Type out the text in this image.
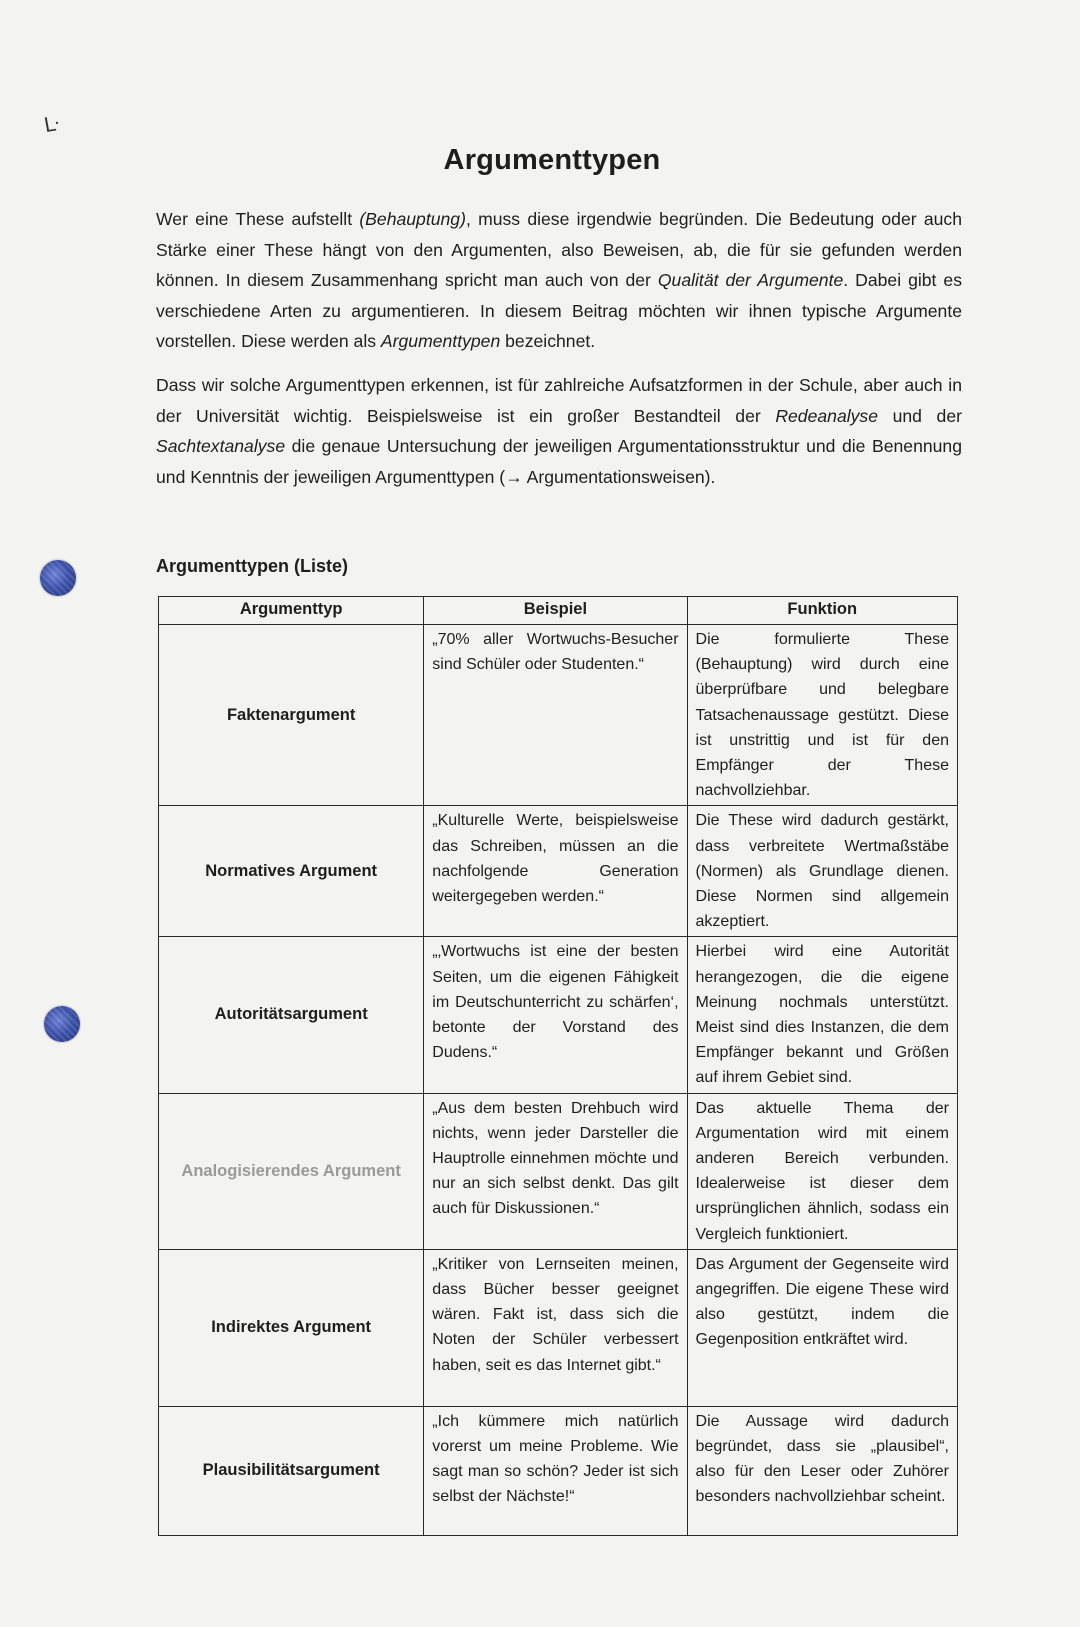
ᒷ
Argumenttypen

Wer eine These aufstellt (Behauptung), muss diese irgendwie begründen. Die Bedeutung oder auch Stärke einer These hängt von den Argumenten, also Beweisen, ab, die für sie gefunden werden können. In diesem Zusammenhang spricht man auch von der Qualität der Argumente. Dabei gibt es verschiedene Arten zu argumentieren. In diesem Beitrag möchten wir ihnen typische Argumente vorstellen. Diese werden als Argumenttypen bezeichnet.

Dass wir solche Argumenttypen erkennen, ist für zahlreiche Aufsatzformen in der Schule, aber auch in der Universität wichtig. Beispielsweise ist ein großer Bestandteil der Redeanalyse und der Sachtextanalyse die genaue Untersuchung der jeweiligen Argumentationsstruktur und die Benennung und Kenntnis der jeweiligen Argumenttypen (→ Argumentationsweisen).

Argumenttypen (Liste)
Argumenttyp	Beispiel	Funktion
Faktenargument	„70% aller Wortwuchs-Besucher sind Schüler oder Studenten.“	Die formulierte These (Behauptung) wird durch eine überprüfbare und belegbare Tatsachenaussage gestützt. Diese ist unstrittig und ist für den Empfänger der These nachvollziehbar.
Normatives Argument	„Kulturelle Werte, beispielsweise das Schreiben, müssen an die nachfolgende Generation weitergegeben werden.“	Die These wird dadurch gestärkt, dass verbreitete Wertmaßstäbe (Normen) als Grundlage dienen. Diese Normen sind allgemein akzeptiert.
Autoritätsargument	„‚Wortwuchs ist eine der besten Seiten, um die eigenen Fähigkeit im Deutschunterricht zu schärfen‘, betonte der Vorstand des Dudens.“	Hierbei wird eine Autorität herangezogen, die die eigene Meinung nochmals unterstützt. Meist sind dies Instanzen, die dem Empfänger bekannt und Größen auf ihrem Gebiet sind.
Analogisierendes Argument	„Aus dem besten Drehbuch wird nichts, wenn jeder Darsteller die Hauptrolle einnehmen möchte und nur an sich selbst denkt. Das gilt auch für Diskussionen.“	Das aktuelle Thema der Argumentation wird mit einem anderen Bereich verbunden. Idealerweise ist dieser dem ursprünglichen ähnlich, sodass ein Vergleich funktioniert.
Indirektes Argument	„Kritiker von Lernseiten meinen, dass Bücher besser geeignet wären. Fakt ist, dass sich die Noten der Schüler verbessert haben, seit es das Internet gibt.“	Das Argument der Gegenseite wird angegriffen. Die eigene These wird also gestützt, indem die Gegenposition entkräftet wird.
Plausibilitätsargument	„Ich kümmere mich natürlich vorerst um meine Probleme. Wie sagt man so schön? Jeder ist sich selbst der Nächste!“	Die Aussage wird dadurch begründet, dass sie „plausibel“, also für den Leser oder Zuhörer besonders nachvollziehbar scheint.
